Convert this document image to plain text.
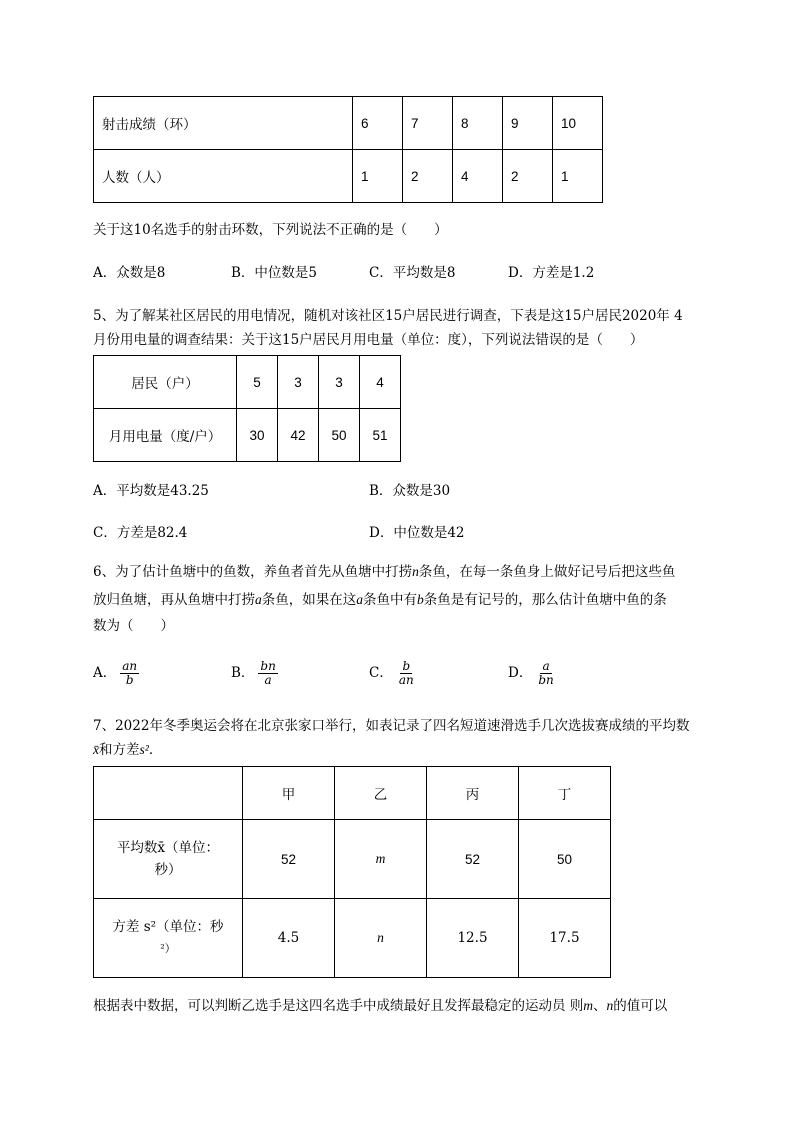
射击成绩（环）	6	7	8	9	10
人数（人）	1	2	4	2	1
关于这10名选手的射击环数，下列说法不正确的是（　　）
A．众数是8	B．中位数是5	C．平均数是8	D．方差是1.2
5、为了解某社区居民的用电情况，随机对该社区15户居民进行调查，下表是这15户居民2020年 4
月份用电量的调查结果：关于这15户居民月用电量（单位：度），下列说法错误的是（　　）
居民（户）	5	3	3	4
月用电量（度/户）	30	42	50	51
A．平均数是43.25	B．众数是30
C．方差是82.4	D．中位数是42
6、为了估计鱼塘中的鱼数，养鱼者首先从鱼塘中打捞n条鱼，在每一条鱼身上做好记号后把这些鱼
放归鱼塘，再从鱼塘中打捞a条鱼，如果在这a条鱼中有b条鱼是有记号的，那么估计鱼塘中鱼的条
数为（　　）
A． $\frac{an}{b}$	B． $\frac{bn}{a}$	C． $\frac{b}{an}$	D． $\frac{a}{bn}$
7、2022年冬季奥运会将在北京张家口举行，如表记录了四名短道速滑选手几次选拔赛成绩的平均数
x̄和方差s²．
	甲	乙	丙	丁

平均数x̄（单位：
秒）	52	m	52	50

方差 s²（单位：秒
²）	4.5	n	12.5	17.5
根据表中数据，可以判断乙选手是这四名选手中成绩最好且发挥最稳定的运动员 则m、n的值可以
